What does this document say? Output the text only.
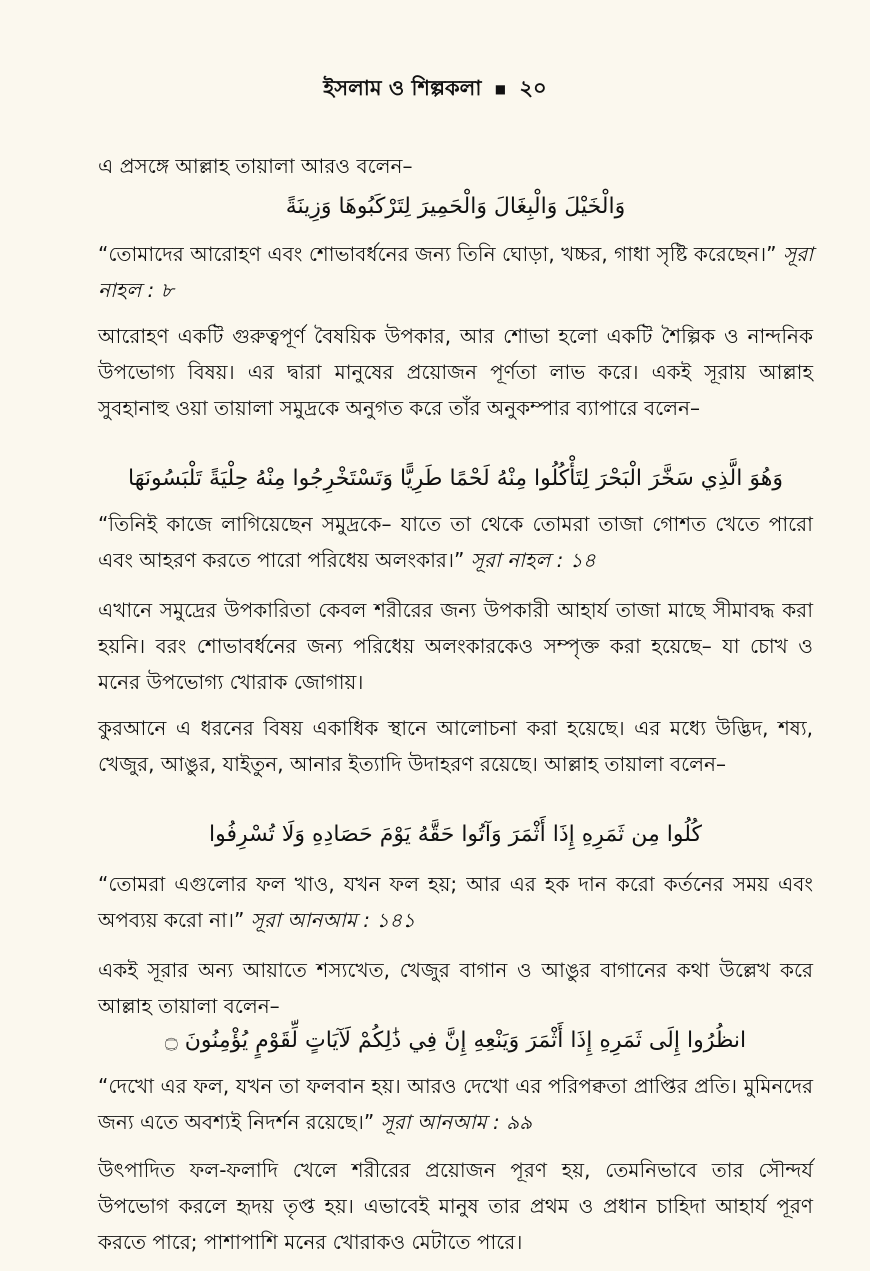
ইসলাম ও শিল্পকলা ■ ২০
এ প্রসঙ্গে আল্লাহ তায়ালা আরও বলেন–
وَالْخَيْلَ وَالْبِغَالَ وَالْحَمِيرَ لِتَرْكَبُوهَا وَزِينَةً
“তোমাদের আরোহণ এবং শোভাবর্ধনের জন্য তিনি ঘোড়া, খচ্চর, গাধা সৃষ্টি করেছেন।” সূরা নাহল : ৮
আরোহণ একটি গুরুত্বপূর্ণ বৈষয়িক উপকার, আর শোভা হলো একটি শৈল্পিক ও নান্দনিক উপভোগ্য বিষয়। এর দ্বারা মানুষের প্রয়োজন পূর্ণতা লাভ করে। একই সূরায় আল্লাহ সুবহানাহু ওয়া তায়ালা সমুদ্রকে অনুগত করে তাঁর অনুকম্পার ব্যাপারে বলেন–
وَهُوَ الَّذِي سَخَّرَ الْبَحْرَ لِتَأْكُلُوا مِنْهُ لَحْمًا طَرِيًّا وَتَسْتَخْرِجُوا مِنْهُ حِلْيَةً تَلْبَسُونَهَا
“তিনিই কাজে লাগিয়েছেন সমুদ্রকে– যাতে তা থেকে তোমরা তাজা গোশত খেতে পারো এবং আহরণ করতে পারো পরিধেয় অলংকার।” সূরা নাহল : ১৪
এখানে সমুদ্রের উপকারিতা কেবল শরীরের জন্য উপকারী আহার্য তাজা মাছে সীমাবদ্ধ করা হয়নি। বরং শোভাবর্ধনের জন্য পরিধেয় অলংকারকেও সম্পৃক্ত করা হয়েছে– যা চোখ ও মনের উপভোগ্য খোরাক জোগায়।
কুরআনে এ ধরনের বিষয় একাধিক স্থানে আলোচনা করা হয়েছে। এর মধ্যে উদ্ভিদ, শষ্য, খেজুর, আঙুর, যাইতুন, আনার ইত্যাদি উদাহরণ রয়েছে। আল্লাহ তায়ালা বলেন–
كُلُوا مِن ثَمَرِهِ إِذَا أَثْمَرَ وَآتُوا حَقَّهُ يَوْمَ حَصَادِهِ وَلَا تُسْرِفُوا
“তোমরা এগুলোর ফল খাও, যখন ফল হয়; আর এর হক দান করো কর্তনের সময় এবং অপব্যয় করো না।” সূরা আনআম : ১৪১
একই সূরার অন্য আয়াতে শস্যখেত, খেজুর বাগান ও আঙুর বাগানের কথা উল্লেখ করে আল্লাহ তায়ালা বলেন–
انظُرُوا إِلَى ثَمَرِهِ إِذَا أَثْمَرَ وَيَنْعِهِ إِنَّ فِي ذَٰلِكُمْ لَآيَاتٍ لِّقَوْمٍ يُؤْمِنُونَ ۝
“দেখো এর ফল, যখন তা ফলবান হয়। আরও দেখো এর পরিপক্বতা প্রাপ্তির প্রতি। মুমিনদের জন্য এতে অবশ্যই নিদর্শন রয়েছে।” সূরা আনআম : ৯৯
উৎপাদিত ফল-ফলাদি খেলে শরীরের প্রয়োজন পূরণ হয়, তেমনিভাবে তার সৌন্দর্য উপভোগ করলে হৃদয় তৃপ্ত হয়। এভাবেই মানুষ তার প্রথম ও প্রধান চাহিদা আহার্য পূরণ করতে পারে; পাশাপাশি মনের খোরাকও মেটাতে পারে।
